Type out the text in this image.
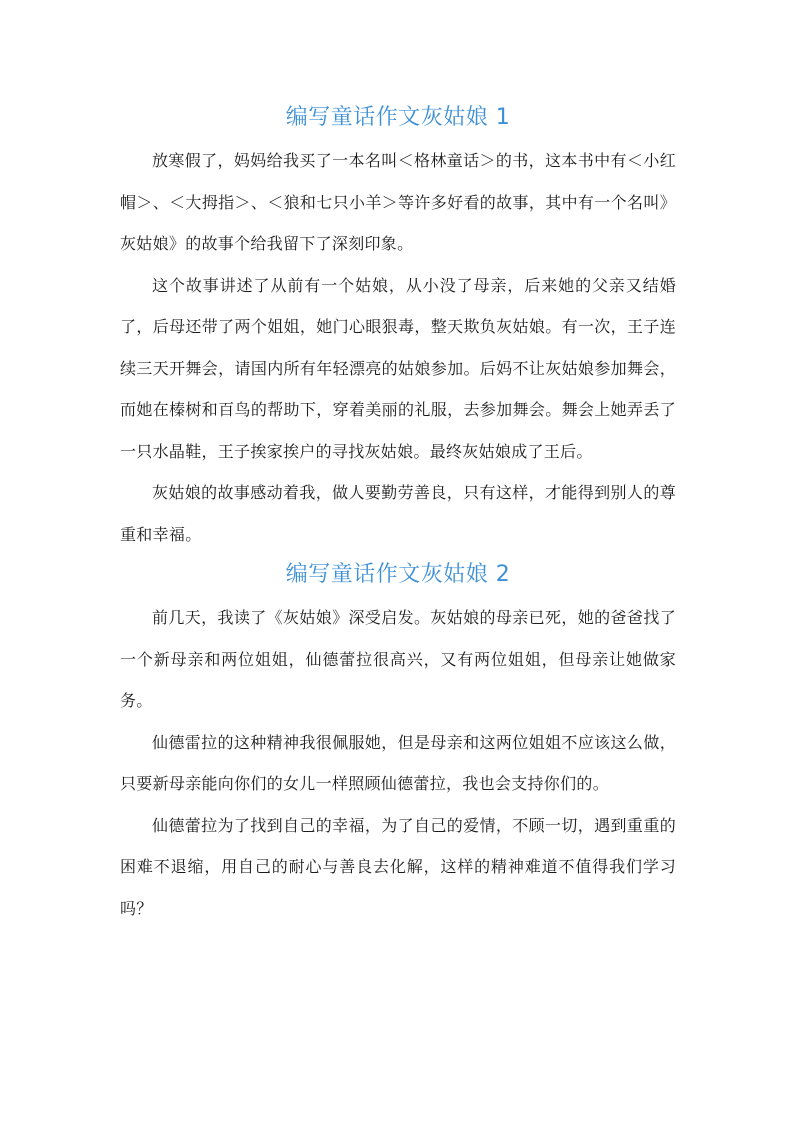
编写童话作文灰姑娘 1

放寒假了，妈妈给我买了一本名叫＜格林童话＞的书，这本书中有＜小红帽＞、＜大拇指＞、＜狼和七只小羊＞等许多好看的故事，其中有一个名叫》灰姑娘》的故事个给我留下了深刻印象。

这个故事讲述了从前有一个姑娘，从小没了母亲，后来她的父亲又结婚了，后母还带了两个姐姐，她门心眼狠毒，整天欺负灰姑娘。有一次，王子连续三天开舞会，请国内所有年轻漂亮的姑娘参加。后妈不让灰姑娘参加舞会，而她在榛树和百鸟的帮助下，穿着美丽的礼服，去参加舞会。舞会上她弄丢了一只水晶鞋，王子挨家挨户的寻找灰姑娘。最终灰姑娘成了王后。

灰姑娘的故事感动着我，做人要勤劳善良，只有这样，才能得到别人的尊重和幸福。

编写童话作文灰姑娘 2

前几天，我读了《灰姑娘》深受启发。灰姑娘的母亲已死，她的爸爸找了一个新母亲和两位姐姐，仙德蕾拉很高兴，又有两位姐姐，但母亲让她做家务。

仙德雷拉的这种精神我很佩服她，但是母亲和这两位姐姐不应该这么做，只要新母亲能向你们的女儿一样照顾仙德蕾拉，我也会支持你们的。

仙德蕾拉为了找到自己的幸福，为了自己的爱情，不顾一切，遇到重重的困难不退缩，用自己的耐心与善良去化解，这样的精神难道不值得我们学习吗？
